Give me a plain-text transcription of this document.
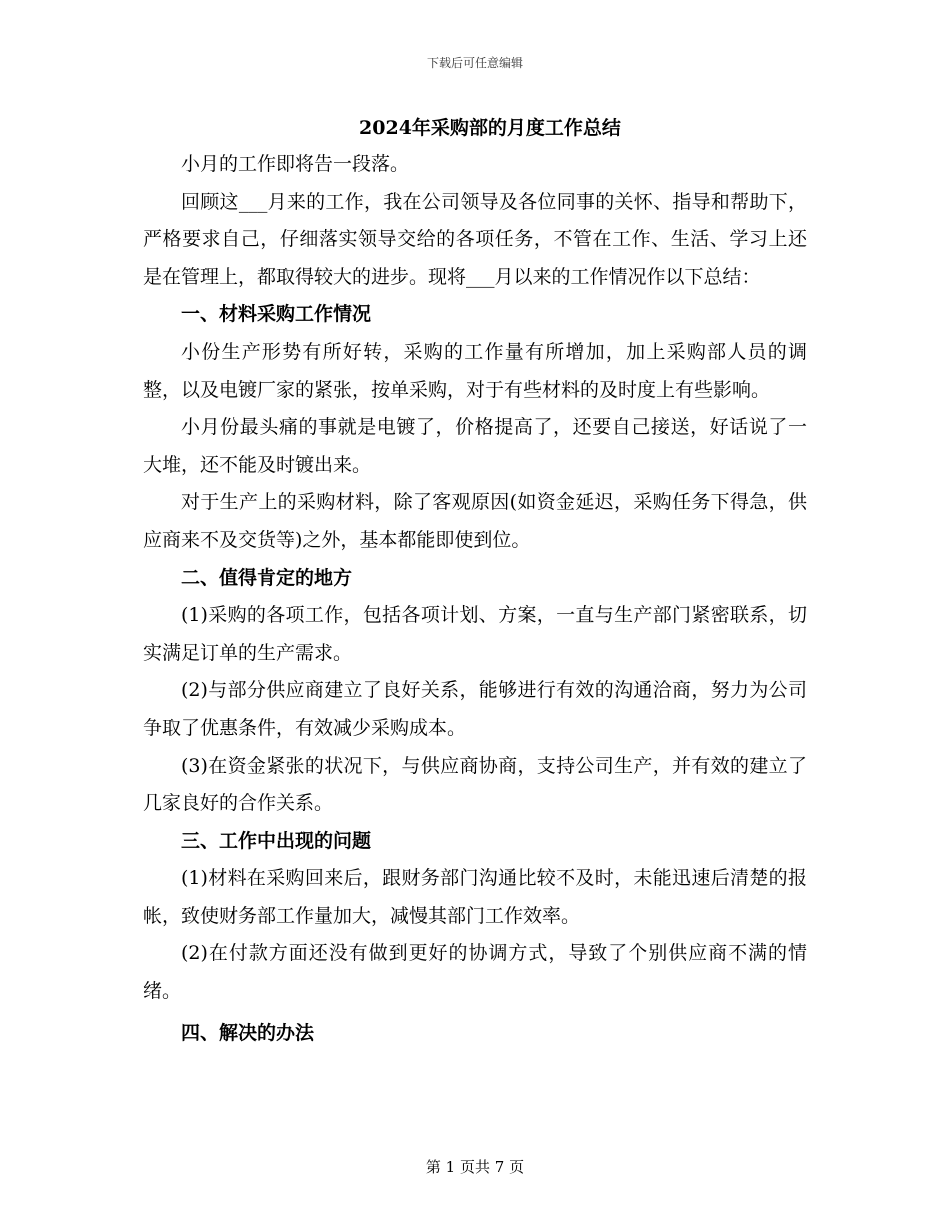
下载后可任意编辑
2024年采购部的月度工作总结

小月的工作即将告一段落。

回顾这___月来的工作，我在公司领导及各位同事的关怀、指导和帮助下，严格要求自己，仔细落实领导交给的各项任务，不管在工作、生活、学习上还是在管理上，都取得较大的进步。现将___月以来的工作情况作以下总结：

一、材料采购工作情况

小份生产形势有所好转，采购的工作量有所增加，加上采购部人员的调整，以及电镀厂家的紧张，按单采购，对于有些材料的及时度上有些影响。

小月份最头痛的事就是电镀了，价格提高了，还要自己接送，好话说了一大堆，还不能及时镀出来。

对于生产上的采购材料，除了客观原因(如资金延迟，采购任务下得急，供应商来不及交货等)之外，基本都能即使到位。

二、值得肯定的地方

(1)采购的各项工作，包括各项计划、方案，一直与生产部门紧密联系，切实满足订单的生产需求。

(2)与部分供应商建立了良好关系，能够进行有效的沟通洽商，努力为公司争取了优惠条件，有效减少采购成本。

(3)在资金紧张的状况下，与供应商协商，支持公司生产，并有效的建立了几家良好的合作关系。

三、工作中出现的问题

(1)材料在采购回来后，跟财务部门沟通比较不及时，未能迅速后清楚的报帐，致使财务部工作量加大，减慢其部门工作效率。

(2)在付款方面还没有做到更好的协调方式，导致了个别供应商不满的情绪。

四、解决的办法
第 1 页共 7 页
